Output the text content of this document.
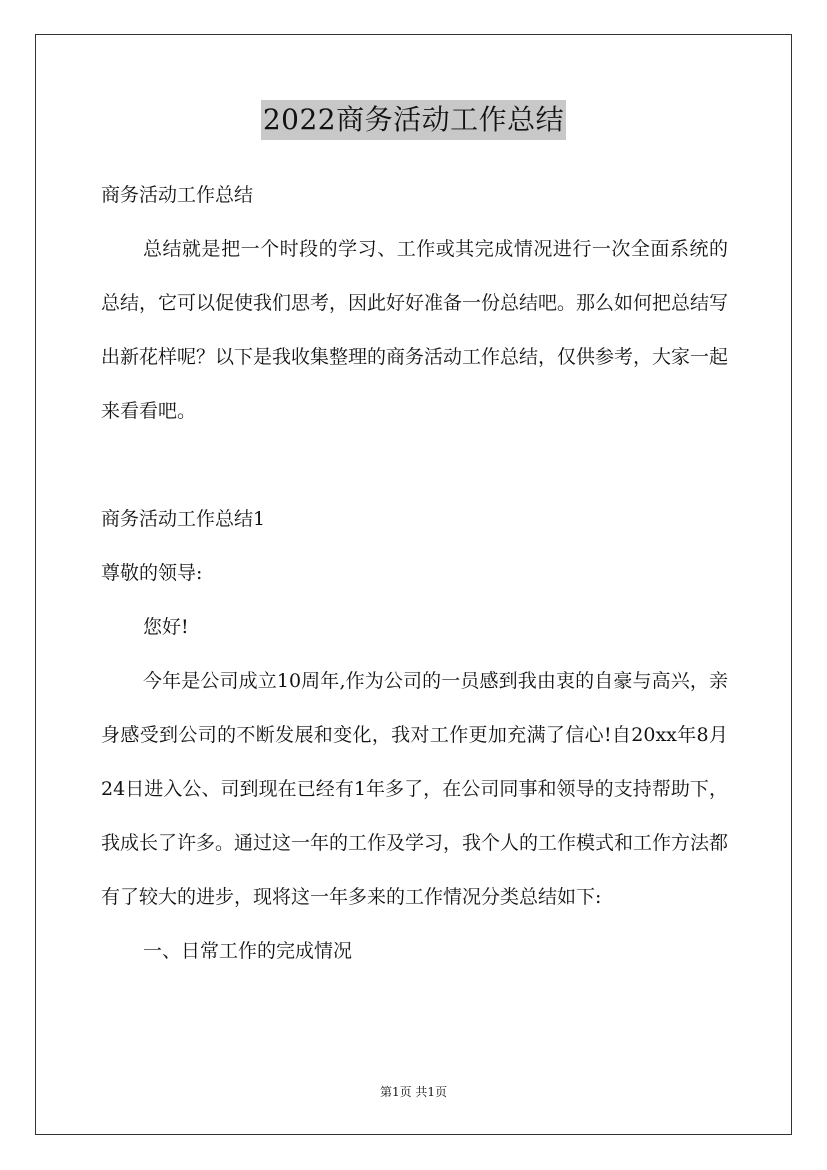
2022商务活动工作总结

商务活动工作总结

总结就是把一个时段的学习、工作或其完成情况进行一次全面系统的总结，它可以促使我们思考，因此好好准备一份总结吧。那么如何把总结写出新花样呢？以下是我收集整理的商务活动工作总结，仅供参考，大家一起来看看吧。

商务活动工作总结1

尊敬的领导:

您好!

今年是公司成立10周年,作为公司的一员感到我由衷的自豪与高兴，亲身感受到公司的不断发展和变化，我对工作更加充满了信心!自20xx年8月24日进入公、司到现在已经有1年多了，在公司同事和领导的支持帮助下，我成长了许多。通过这一年的工作及学习，我个人的工作模式和工作方法都有了较大的进步，现将这一年多来的工作情况分类总结如下:

一、日常工作的完成情况

第1页 共1页
